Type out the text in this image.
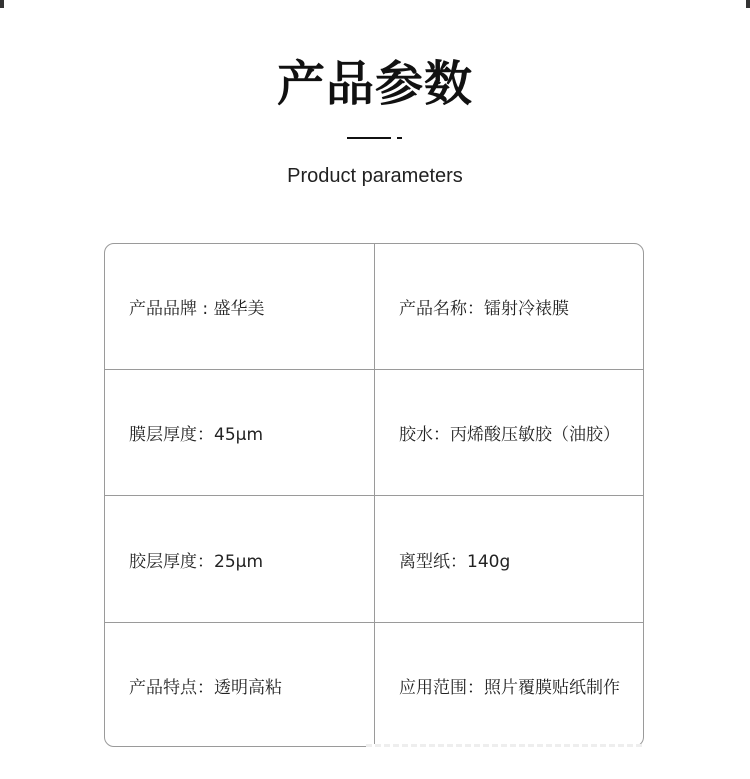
产品参数
Product parameters
产品品牌 : 盛华美	产品名称：镭射冷裱膜
膜层厚度：45μm	胶水：丙烯酸压敏胶（油胶）
胶层厚度：25μm	离型纸：140g
产品特点：透明高粘	应用范围：照片覆膜贴纸制作
